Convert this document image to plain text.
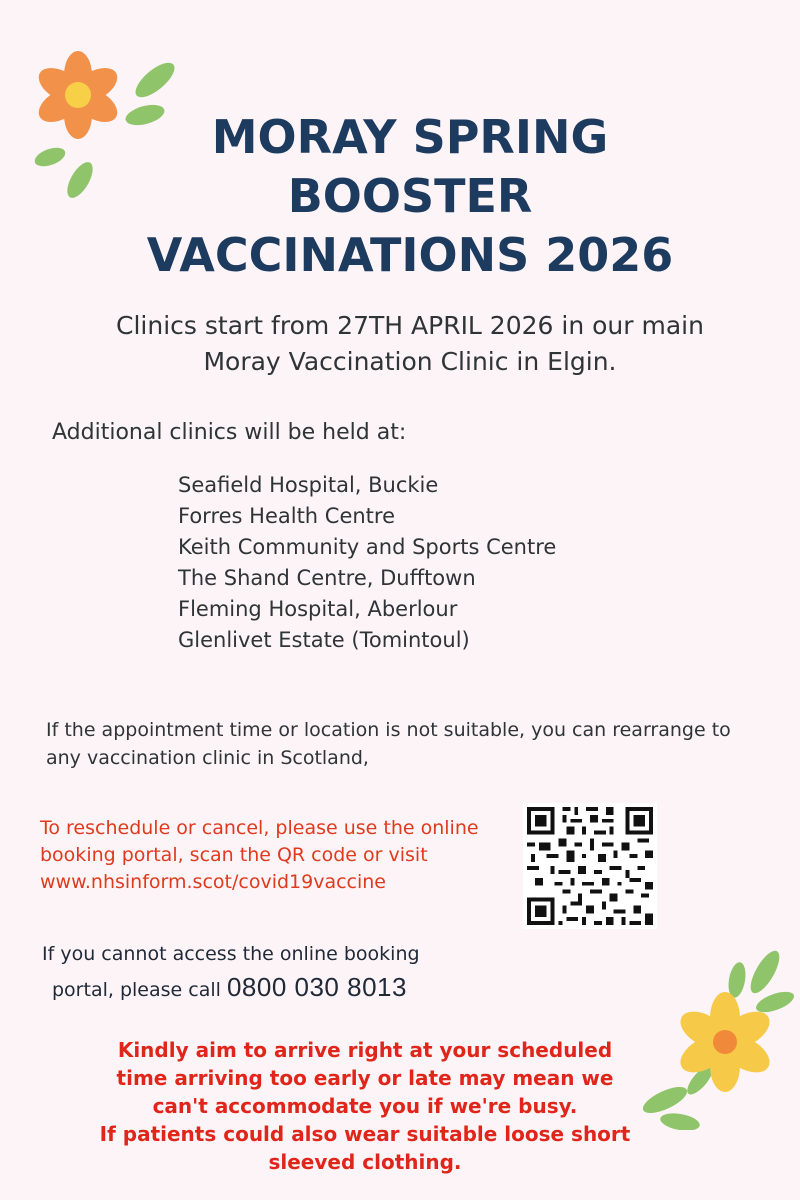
MORAY SPRING
BOOSTER
VACCINATIONS 2026

Clinics start from 27TH APRIL 2026 in our main Moray Vaccination Clinic in Elgin.

Additional clinics will be held at:

Seafield Hospital, Buckie
Forres Health Centre
Keith Community and Sports Centre
The Shand Centre, Dufftown
Fleming Hospital, Aberlour
Glenlivet Estate (Tomintoul)

If the appointment time or location is not suitable, you can rearrange to any vaccination clinic in Scotland,

To reschedule or cancel, please use the online booking portal, scan the QR code or visit
www.nhsinform.scot/covid19vaccine

If you cannot access the online booking

portal, please call 0800 030 8013

Kindly aim to arrive right at your scheduled
time arriving too early or late may mean we
can't accommodate you if we're busy.
If patients could also wear suitable loose short
sleeved clothing.
